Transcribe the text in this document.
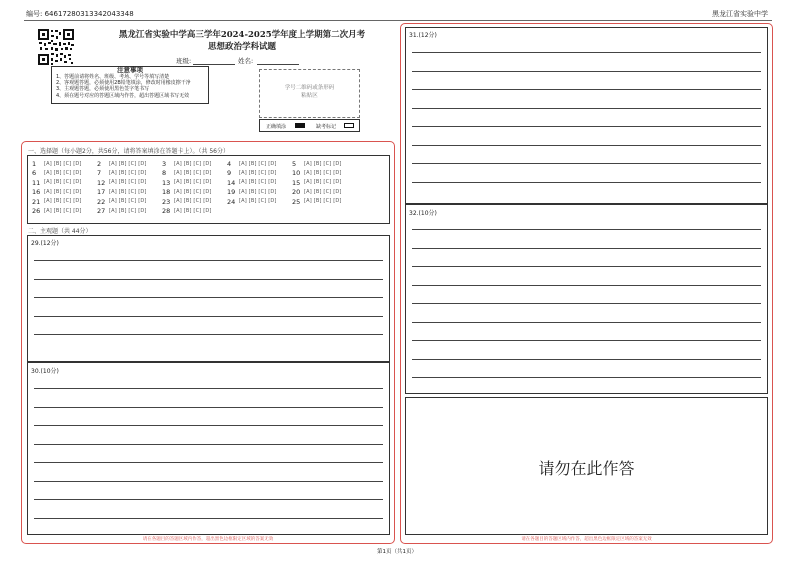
编号: 64617280313342043348	黑龙江省实验中学
黑龙江省实验中学高三学年2024-2025学年度上学期第二次月考
思想政治学科试题
班级:	姓名:
注意事项
1、答题前请将姓名、班级、考场、学号等填写清楚
2、客观题答题，必须使用2B铅笔填涂，修改时用橡皮擦干净
3、主观题答题，必须使用黑色签字笔书写
4、须在题号对应的答题区域内作答，超出答题区域书写无效
学号二维码或条形码
粘贴区
正确填涂	缺考标记
一、选择题（每小题2分，共56分，请将答案填涂在答题卡上）。（共 56分）
1	[A] [B] [C] [D] 2	[A] [B] [C] [D] 3	[A] [B] [C] [D] 4	[A] [B] [C] [D] 5	[A] [B] [C] [D]
6	[A] [B] [C] [D] 7	[A] [B] [C] [D] 8	[A] [B] [C] [D] 9	[A] [B] [C] [D] 10 [A] [B] [C] [D]
11 [A] [B] [C] [D] 12 [A] [B] [C] [D] 13 [A] [B] [C] [D] 14 [A] [B] [C] [D] 15 [A] [B] [C] [D]
16 [A] [B] [C] [D] 17 [A] [B] [C] [D] 18 [A] [B] [C] [D] 19 [A] [B] [C] [D] 20 [A] [B] [C] [D]
21 [A] [B] [C] [D] 22 [A] [B] [C] [D] 23 [A] [B] [C] [D] 24 [A] [B] [C] [D] 25 [A] [B] [C] [D]
26 [A] [B] [C] [D] 27 [A] [B] [C] [D] 28 [A] [B] [C] [D]
二、主观题（共 44分）
29.(12分)
30.(10分)
请在各题目的答题区域内作答，超出黑色边框限定区域的答案无效
31.(12分)
32.(10分)
请勿在此作答
请在各题目的答题区域内作答，超出黑色边框限定区域的答案无效
第1页（共1页）
